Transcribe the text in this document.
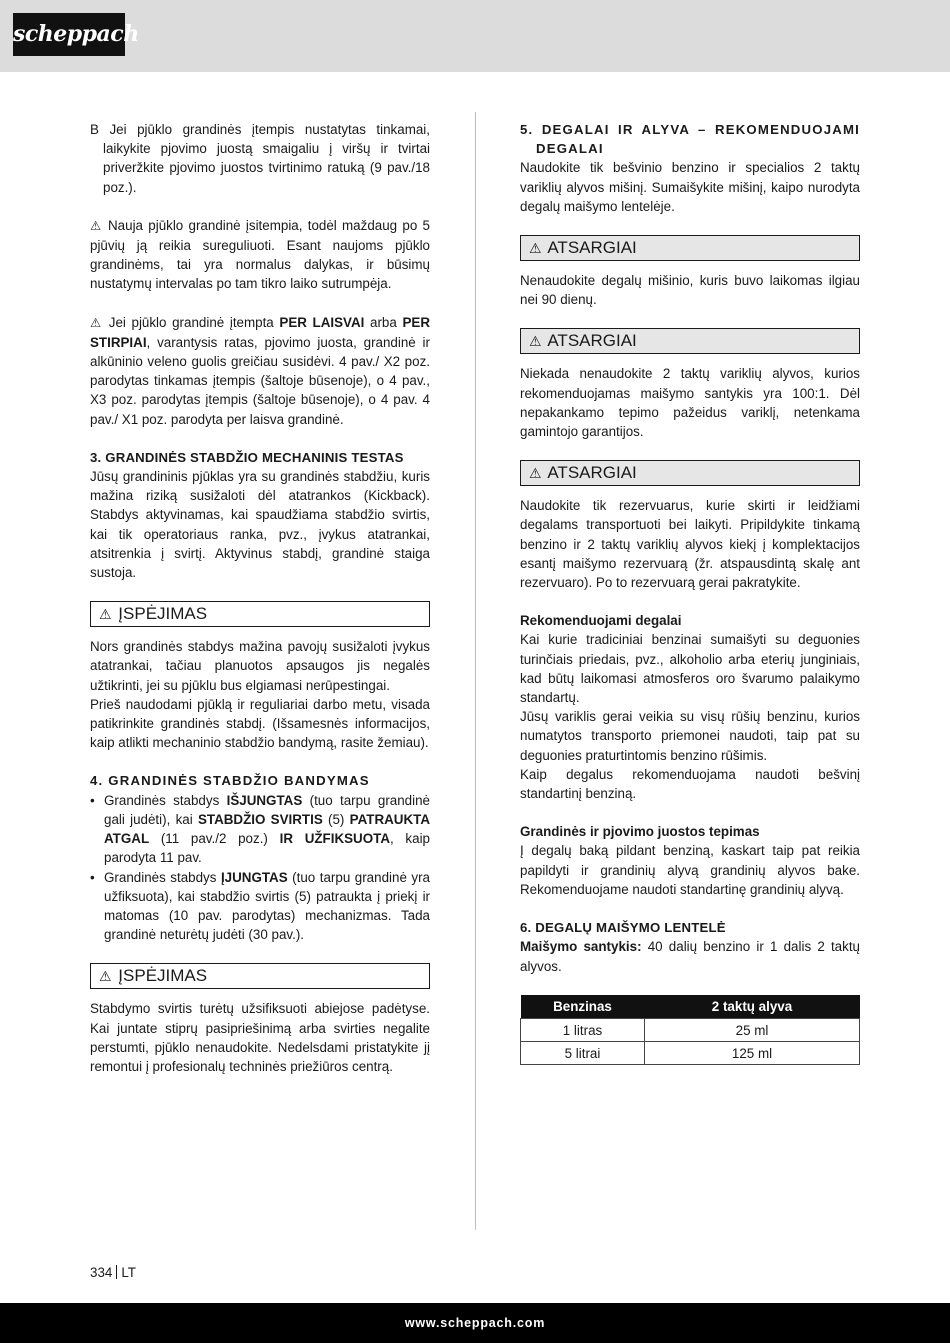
scheppach

B Jei pjūklo grandinės įtempis nustatytas tinkamai, laikykite pjovimo juostą smaigaliu į viršų ir tvirtai priveržkite pjovimo juostos tvirtinimo ratuką (9 pav./18 poz.).

⚠ Nauja pjūklo grandinė įsitempia, todėl maždaug po 5 pjūvių ją reikia sureguliuoti. Esant naujoms pjūklo grandinėms, tai yra normalus dalykas, ir būsimų nustatymų intervalas po tam tikro laiko sutrumpėja.

⚠ Jei pjūklo grandinė įtempta PER LAISVAI arba PER STIRPIAI, varantysis ratas, pjovimo juosta, grandinė ir alkūninio veleno guolis greičiau susidėvi. 4 pav./ X2 poz. parodytas tinkamas įtempis (šaltoje būsenoje), o 4 pav., X3 poz. parodytas įtempis (šaltoje būsenoje), o 4 pav. 4 pav./ X1 poz. parodyta per laisva grandinė.

3. GRANDINĖS STABDŽIO MECHANINIS TESTAS

Jūsų grandininis pjūklas yra su grandinės stabdžiu, kuris mažina riziką susižaloti dėl atatrankos (Kickback). Stabdys aktyvinamas, kai spaudžiama stabdžio svirtis, kai tik operatoriaus ranka, pvz., įvykus atatrankai, atsitrenkia į svirtį. Aktyvinus stabdį, grandinė staiga sustoja.

⚠ ĮSPĖJIMAS

Nors grandinės stabdys mažina pavojų susižaloti įvykus atatrankai, tačiau planuotos apsaugos jis negalės užtikrinti, jei su pjūklu bus elgiamasi nerūpestingai.

Prieš naudodami pjūklą ir reguliariai darbo metu, visada patikrinkite grandinės stabdį. (Išsamesnės informacijos, kaip atlikti mechaninio stabdžio bandymą, rasite žemiau).

4. GRANDINĖS STABDŽIO BANDYMAS

• Grandinės stabdys IŠJUNGTAS (tuo tarpu grandinė gali judėti), kai STABDŽIO SVIRTIS (5) PATRAUKTA ATGAL (11 pav./2 poz.) IR UŽFIKSUOTA, kaip parodyta 11 pav.
• Grandinės stabdys ĮJUNGTAS (tuo tarpu grandinė yra užfiksuota), kai stabdžio svirtis (5) patraukta į priekį ir matomas (10 pav. parodytas) mechanizmas. Tada grandinė neturėtų judėti (30 pav.).
⚠ ĮSPĖJIMAS

Stabdymo svirtis turėtų užsifiksuoti abiejose padėtyse. Kai juntate stiprų pasipriešinimą arba svirties negalite perstumti, pjūklo nenaudokite. Nedelsdami pristatykite jį remontui į profesionalų techninės priežiūros centrą.

5. DEGALAI IR ALYVA – REKOMENDUOJAMI DEGALAI

Naudokite tik bešvinio benzino ir specialios 2 taktų variklių alyvos mišinį. Sumaišykite mišinį, kaipo nurodyta degalų maišymo lentelėje.

⚠ ATSARGIAI

Nenaudokite degalų mišinio, kuris buvo laikomas ilgiau nei 90 dienų.

⚠ ATSARGIAI

Niekada nenaudokite 2 taktų variklių alyvos, kurios rekomenduojamas maišymo santykis yra 100:1. Dėl nepakankamo tepimo pažeidus variklį, netenkama gamintojo garantijos.

⚠ ATSARGIAI

Naudokite tik rezervuarus, kurie skirti ir leidžiami degalams transportuoti bei laikyti. Pripildykite tinkamą benzino ir 2 taktų variklių alyvos kiekį į komplektacijos esantį maišymo rezervuarą (žr. atspausdintą skalę ant rezervuaro). Po to rezervuarą gerai pakratykite.

Rekomenduojami degalai

Kai kurie tradiciniai benzinai sumaišyti su deguonies turinčiais priedais, pvz., alkoholio arba eterių junginiais, kad būtų laikomasi atmosferos oro švarumo palaikymo standartų.

Jūsų variklis gerai veikia su visų rūšių benzinu, kurios numatytos transporto priemonei naudoti, taip pat su deguonies praturtintomis benzino rūšimis.

Kaip degalus rekomenduojama naudoti bešvinį standartinį benziną.

Grandinės ir pjovimo juostos tepimas

Į degalų baką pildant benziną, kaskart taip pat reikia papildyti ir grandinių alyvą grandinių alyvos bake. Rekomenduojame naudoti standartinę grandinių alyvą.

6. DEGALŲ MAIŠYMO LENTELĖ

Maišymo santykis: 40 dalių benzino ir 1 dalis 2 taktų alyvos.

Benzinas	2 taktų alyva
1 litras	25 ml
5 litrai	125 ml
334 LT
www.scheppach.com
